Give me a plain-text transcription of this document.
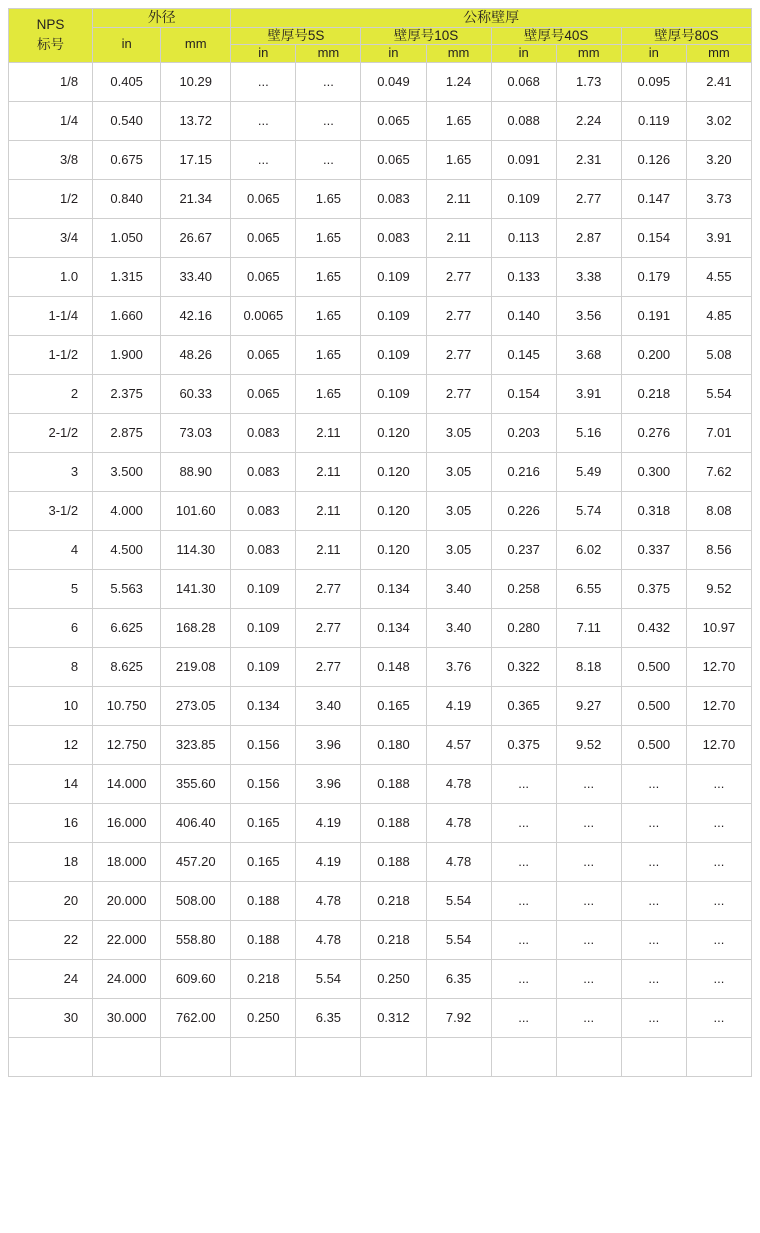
NPS
标号	外径		公称壁厚							
	in	mm	壁厚号5S		壁厚号10S		壁厚号40S		壁厚号80S	
			in	mm	in	mm	in	mm	in	mm
1/8	0.405	10.29	...	...	0.049	1.24	0.068	1.73	0.095	2.41
1/4	0.540	13.72	...	...	0.065	1.65	0.088	2.24	0.119	3.02
3/8	0.675	17.15	...	...	0.065	1.65	0.091	2.31	0.126	3.20
1/2	0.840	21.34	0.065	1.65	0.083	2.11	0.109	2.77	0.147	3.73
3/4	1.050	26.67	0.065	1.65	0.083	2.11	0.113	2.87	0.154	3.91
1.0	1.315	33.40	0.065	1.65	0.109	2.77	0.133	3.38	0.179	4.55
1-1/4	1.660	42.16	0.0065	1.65	0.109	2.77	0.140	3.56	0.191	4.85
1-1/2	1.900	48.26	0.065	1.65	0.109	2.77	0.145	3.68	0.200	5.08
2	2.375	60.33	0.065	1.65	0.109	2.77	0.154	3.91	0.218	5.54
2-1/2	2.875	73.03	0.083	2.11	0.120	3.05	0.203	5.16	0.276	7.01
3	3.500	88.90	0.083	2.11	0.120	3.05	0.216	5.49	0.300	7.62
3-1/2	4.000	101.60	0.083	2.11	0.120	3.05	0.226	5.74	0.318	8.08
4	4.500	114.30	0.083	2.11	0.120	3.05	0.237	6.02	0.337	8.56
5	5.563	141.30	0.109	2.77	0.134	3.40	0.258	6.55	0.375	9.52
6	6.625	168.28	0.109	2.77	0.134	3.40	0.280	7.11	0.432	10.97
8	8.625	219.08	0.109	2.77	0.148	3.76	0.322	8.18	0.500	12.70
10	10.750	273.05	0.134	3.40	0.165	4.19	0.365	9.27	0.500	12.70
12	12.750	323.85	0.156	3.96	0.180	4.57	0.375	9.52	0.500	12.70
14	14.000	355.60	0.156	3.96	0.188	4.78	...	...	...	...
16	16.000	406.40	0.165	4.19	0.188	4.78	...	...	...	...
18	18.000	457.20	0.165	4.19	0.188	4.78	...	...	...	...
20	20.000	508.00	0.188	4.78	0.218	5.54	...	...	...	...
22	22.000	558.80	0.188	4.78	0.218	5.54	...	...	...	...
24	24.000	609.60	0.218	5.54	0.250	6.35	...	...	...	...
30	30.000	762.00	0.250	6.35	0.312	7.92	...	...	...	...
